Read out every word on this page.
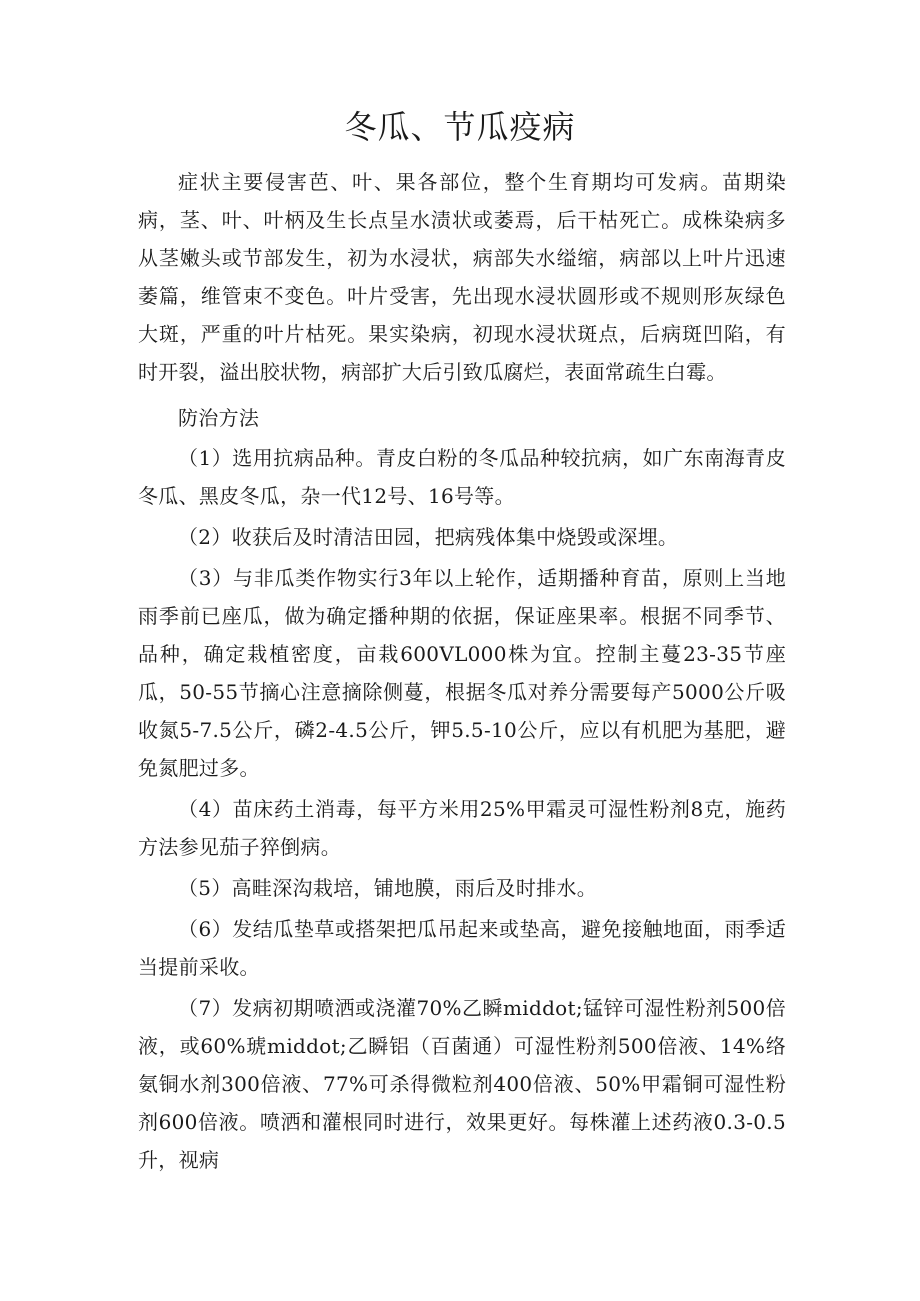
冬瓜、节瓜疫病

症状主要侵害芭、叶、果各部位，整个生育期均可发病。苗期染病，茎、叶、叶柄及生长点呈水渍状或萎焉，后干枯死亡。成株染病多从茎嫩头或节部发生，初为水浸状，病部失水缢缩，病部以上叶片迅速萎篇，维管束不变色。叶片受害，先出现水浸状圆形或不规则形灰绿色大斑，严重的叶片枯死。果实染病，初现水浸状斑点，后病斑凹陷，有时开裂，溢出胶状物，病部扩大后引致瓜腐烂，表面常疏生白霉。

防治方法

（1）选用抗病品种。青皮白粉的冬瓜品种较抗病，如广东南海青皮冬瓜、黑皮冬瓜，杂一代12号、16号等。

（2）收获后及时清洁田园，把病残体集中烧毁或深埋。

（3）与非瓜类作物实行3年以上轮作，适期播种育苗，原则上当地雨季前已座瓜，做为确定播种期的依据，保证座果率。根据不同季节、品种，确定栽植密度，亩栽600VL000株为宜。控制主蔓23-35节座瓜，50-55节摘心注意摘除侧蔓，根据冬瓜对养分需要每产5000公斤吸收氮5-7.5公斤，磷2-4.5公斤，钾5.5-10公斤，应以有机肥为基肥，避免氮肥过多。

（4）苗床药土消毒，每平方米用25%甲霜灵可湿性粉剂8克，施药方法参见茄子猝倒病。

（5）高畦深沟栽培，铺地膜，雨后及时排水。

（6）发结瓜垫草或搭架把瓜吊起来或垫高，避免接触地面，雨季适当提前采收。

（7）发病初期喷洒或浇灌70%乙瞬middot;锰锌可湿性粉剂500倍液，或60%琥middot;乙瞬铝（百菌通）可湿性粉剂500倍液、14%络氨铜水剂300倍液、77%可杀得微粒剂400倍液、50%甲霜铜可湿性粉剂600倍液。喷洒和灌根同时进行，效果更好。每株灌上述药液0.3-0.5升，视病
